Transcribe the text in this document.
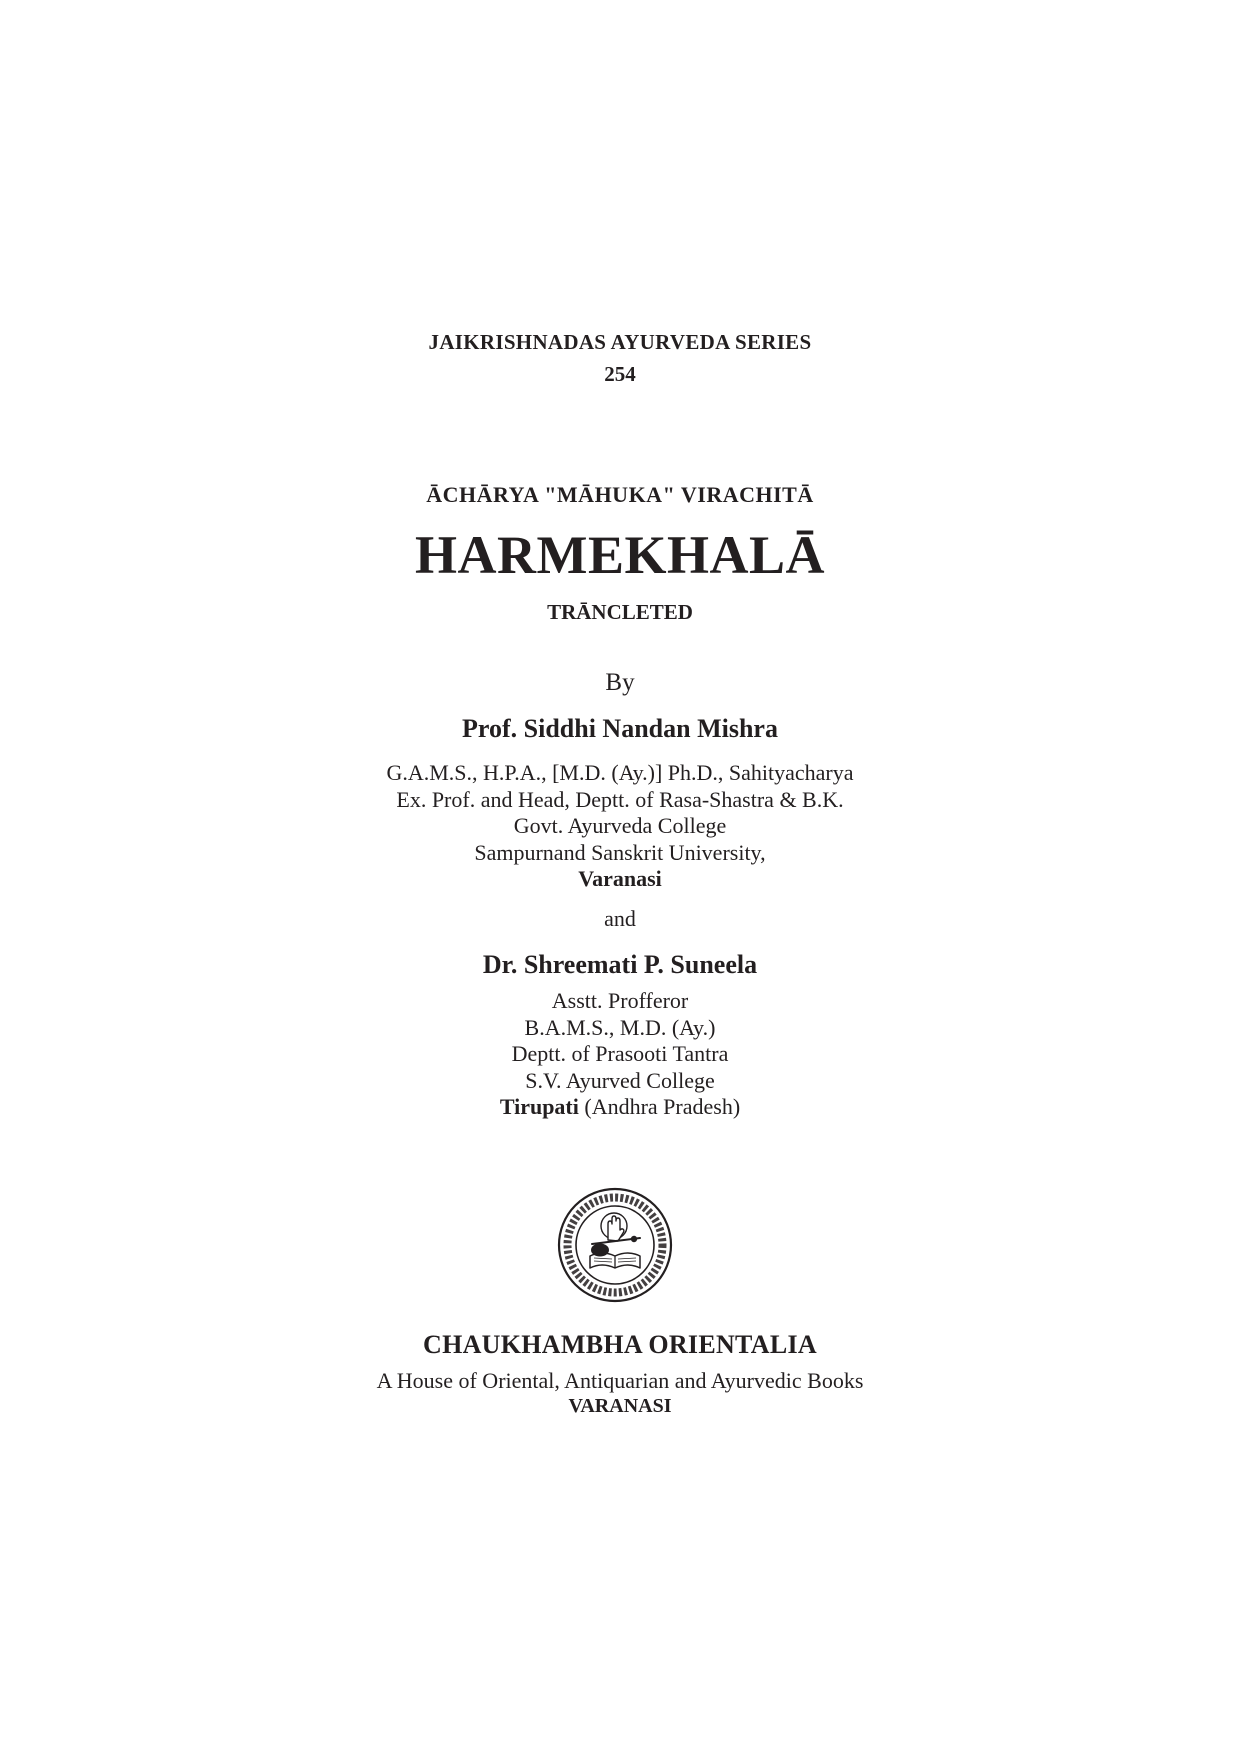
JAIKRISHNADAS AYURVEDA SERIES
254
ĀCHĀRYA "MĀHUKA" VIRACHITĀ
HARMEKHALĀ
TRĀNCLETED
By
Prof. Siddhi Nandan Mishra
G.A.M.S., H.P.A., [M.D. (Ay.)] Ph.D., Sahityacharya
Ex. Prof. and Head, Deptt. of Rasa-Shastra & B.K.
Govt. Ayurveda College
Sampurnand Sanskrit University,
Varanasi
and
Dr. Shreemati P. Suneela
Asstt. Profferor
B.A.M.S., M.D. (Ay.)
Deptt. of Prasooti Tantra
S.V. Ayurved College
Tirupati (Andhra Pradesh)
CHAUKHAMBHA ORIENTALIA
A House of Oriental, Antiquarian and Ayurvedic Books
VARANASI
